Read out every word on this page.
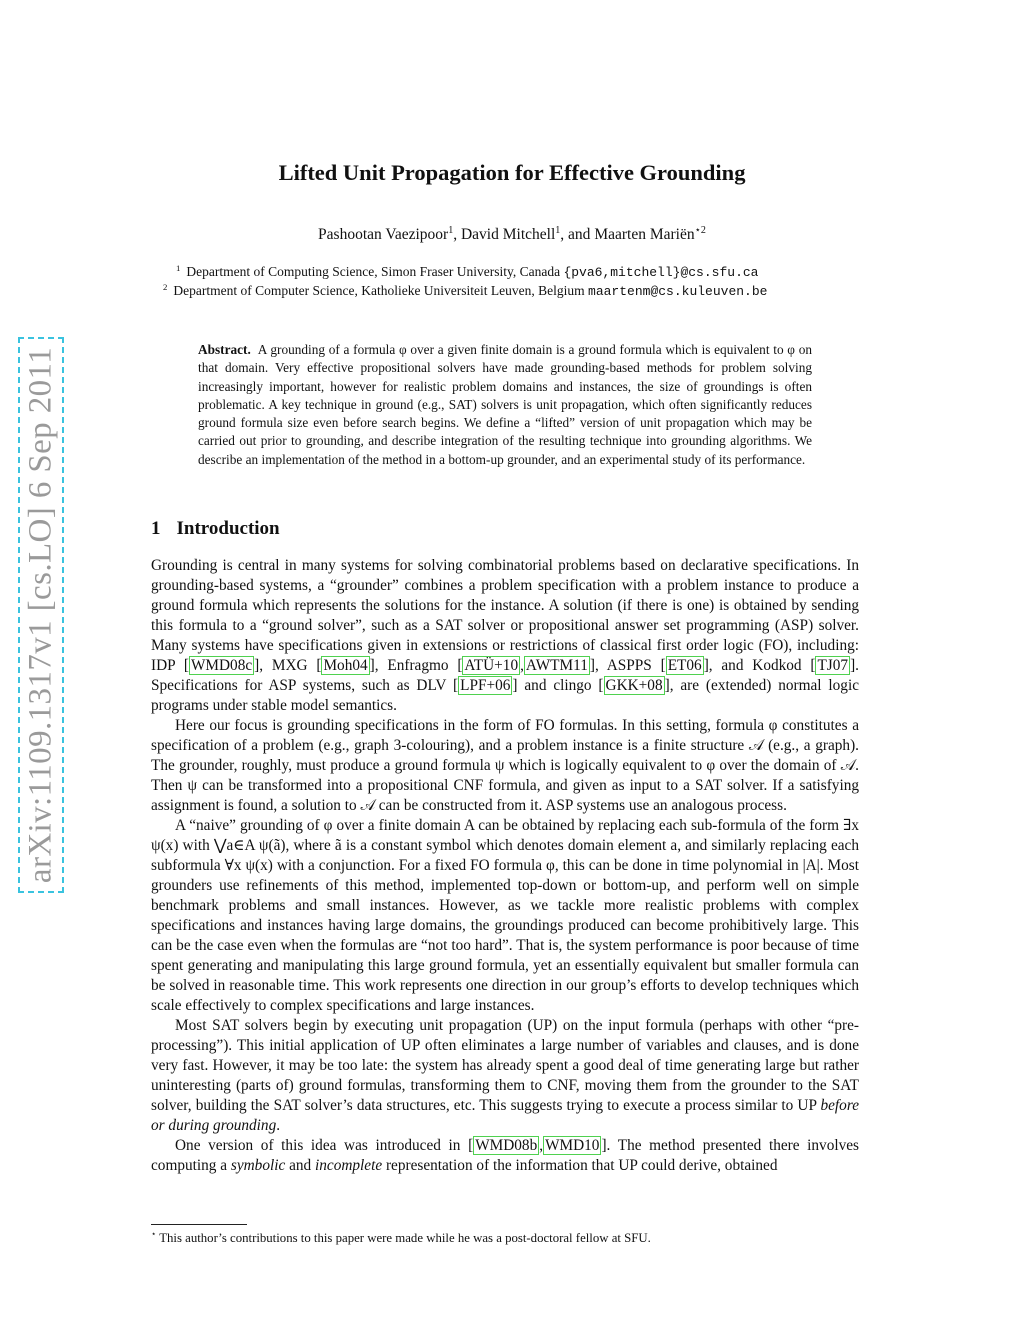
arXiv:1109.1317v1 [cs.LO] 6 Sep 2011
Lifted Unit Propagation for Effective Grounding
Pashootan Vaezipoor$^1$, David Mitchell$^1$, and Maarten Mariën$^{⋆2}$
$^1$ Department of Computing Science, Simon Fraser University, Canada {pva6,mitchell}@cs.sfu.ca
$^2$ Department of Computer Science, Katholieke Universiteit Leuven, Belgium maartenm@cs.kuleuven.be
Abstract. A grounding of a formula φ over a given finite domain is a ground formula which is equivalent to φ on that domain. Very effective propositional solvers have made grounding-based methods for problem solving increasingly important, however for realistic problem domains and instances, the size of groundings is often problematic. A key technique in ground (e.g., SAT) solvers is unit propagation, which often significantly reduces ground formula size even before search begins. We define a “lifted” version of unit propagation which may be carried out prior to grounding, and describe integration of the resulting technique into grounding algorithms. We describe an implementation of the method in a bottom-up grounder, and an experimental study of its performance.
1 Introduction

Grounding is central in many systems for solving combinatorial problems based on declarative specifications. In grounding-based systems, a “grounder” combines a problem specification with a problem instance to produce a ground formula which represents the solutions for the instance. A solution (if there is one) is obtained by sending this formula to a “ground solver”, such as a SAT solver or propositional answer set programming (ASP) solver. Many systems have specifications given in extensions or restrictions of classical first order logic (FO), including: IDP [ WMD08c ], MXG [ Moh04 ], Enfragmo [ ATÜ+10 , AWTM11 ], ASPPS [ ET06 ], and Kodkod [ TJ07 ]. Specifications for ASP systems, such as DLV [ LPF+06 ] and clingo [ GKK+08 ], are (extended) normal logic programs under stable model semantics.

Here our focus is grounding specifications in the form of FO formulas. In this setting, formula φ constitutes a specification of a problem (e.g., graph 3-colouring), and a problem instance is a finite structure 𝒜 (e.g., a graph). The grounder, roughly, must produce a ground formula ψ which is logically equivalent to φ over the domain of 𝒜. Then ψ can be transformed into a propositional CNF formula, and given as input to a SAT solver. If a satisfying assignment is found, a solution to 𝒜 can be constructed from it. ASP systems use an analogous process.

A “naive” grounding of φ over a finite domain A can be obtained by replacing each sub-formula of the form ∃x ψ(x) with ⋁a∈A ψ(ã), where ã is a constant symbol which denotes domain element a, and similarly replacing each subformula ∀x ψ(x) with a conjunction. For a fixed FO formula φ, this can be done in time polynomial in |A|. Most grounders use refinements of this method, implemented top-down or bottom-up, and perform well on simple benchmark problems and small instances. However, as we tackle more realistic problems with complex specifications and instances having large domains, the groundings produced can become prohibitively large. This can be the case even when the formulas are “not too hard”. That is, the system performance is poor because of time spent generating and manipulating this large ground formula, yet an essentially equivalent but smaller formula can be solved in reasonable time. This work represents one direction in our group’s efforts to develop techniques which scale effectively to complex specifications and large instances.

Most SAT solvers begin by executing unit propagation (UP) on the input formula (perhaps with other “pre-processing”). This initial application of UP often eliminates a large number of variables and clauses, and is done very fast. However, it may be too late: the system has already spent a good deal of time generating large but rather uninteresting (parts of) ground formulas, transforming them to CNF, moving them from the grounder to the SAT solver, building the SAT solver’s data structures, etc. This suggests trying to execute a process similar to UP before or during grounding.

One version of this idea was introduced in [ WMD08b , WMD10 ]. The method presented there involves computing a symbolic and incomplete representation of the information that UP could derive, obtained

⋆ This author’s contributions to this paper were made while he was a post-doctoral fellow at SFU.
